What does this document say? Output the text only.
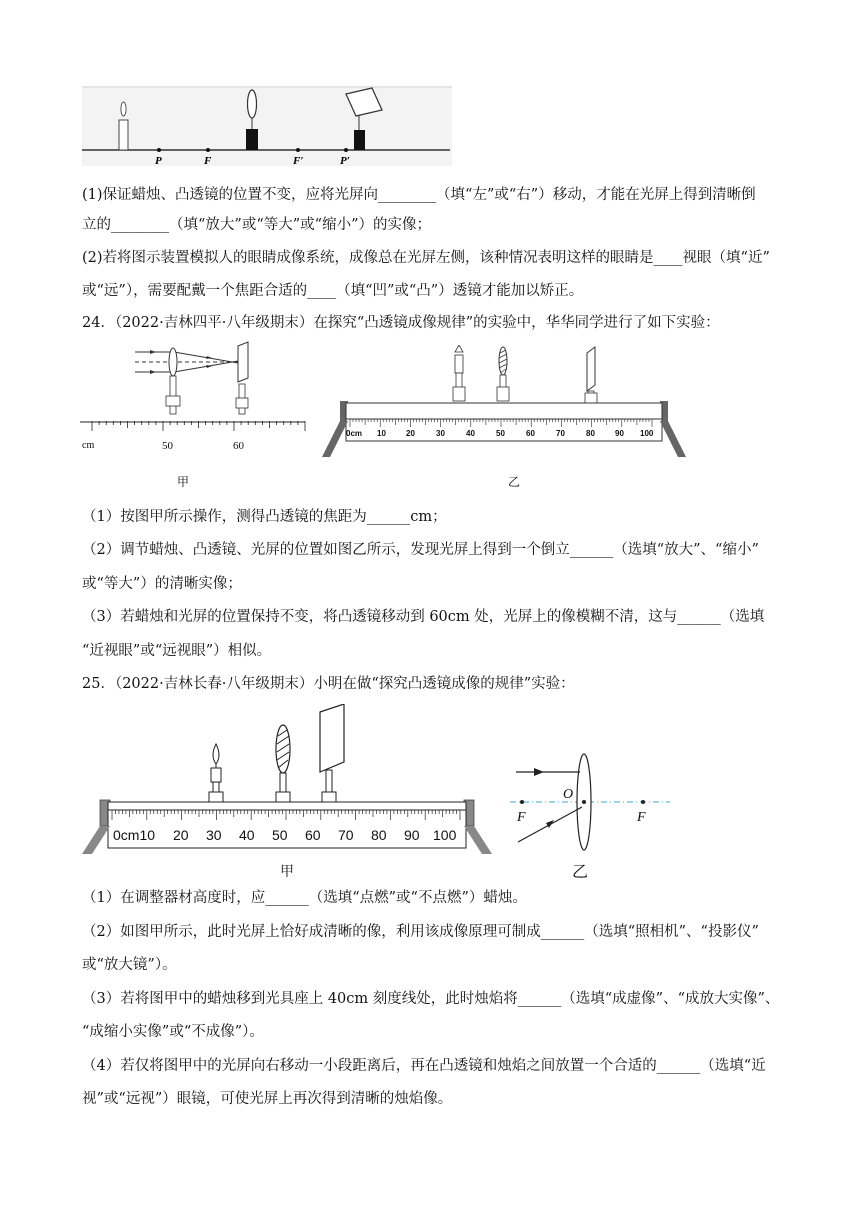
P	F	F′	P′
(1)保证蜡烛、凸透镜的位置不变，应将光屏向________（填“左”或“右”）移动，才能在光屏上得到清晰倒
立的________（填“放大”或“等大”或“缩小”）的实像；
(2)若将图示装置模拟人的眼睛成像系统，成像总在光屏左侧，该种情况表明这样的眼睛是____视眼（填“近”
或“远”），需要配戴一个焦距合适的____（填“凹”或“凸”）透镜才能加以矫正。
24．（2022·吉林四平·八年级期末）在探究“凸透镜成像规律”的实验中，华华同学进行了如下实验：
cm	50	60
甲
0cm 10	20	30	40	50	60	70	80	90 100
乙
（1）按图甲所示操作，测得凸透镜的焦距为______cm；
（2）调节蜡烛、凸透镜、光屏的位置如图乙所示，发现光屏上得到一个倒立______（选填“放大”、“缩小”
或“等大”）的清晰实像；
（3）若蜡烛和光屏的位置保持不变，将凸透镜移动到 60cm 处，光屏上的像模糊不清，这与______（选填
“近视眼”或“远视眼”）相似。
25．（2022·吉林长春·八年级期末）小明在做“探究凸透镜成像的规律”实验：
0cm10 20 30 40 50 60 70 80 90 100
甲
O
F	F
乙
（1）在调整器材高度时，应______（选填“点燃”或“不点燃”）蜡烛。
（2）如图甲所示，此时光屏上恰好成清晰的像，利用该成像原理可制成______（选填“照相机”、“投影仪”
或“放大镜”）。
（3）若将图甲中的蜡烛移到光具座上 40cm 刻度线处，此时烛焰将______（选填“成虚像”、“成放大实像”、
“成缩小实像”或“不成像”）。
（4）若仅将图甲中的光屏向右移动一小段距离后，再在凸透镜和烛焰之间放置一个合适的______（选填“近
视”或“远视”）眼镜，可使光屏上再次得到清晰的烛焰像。
